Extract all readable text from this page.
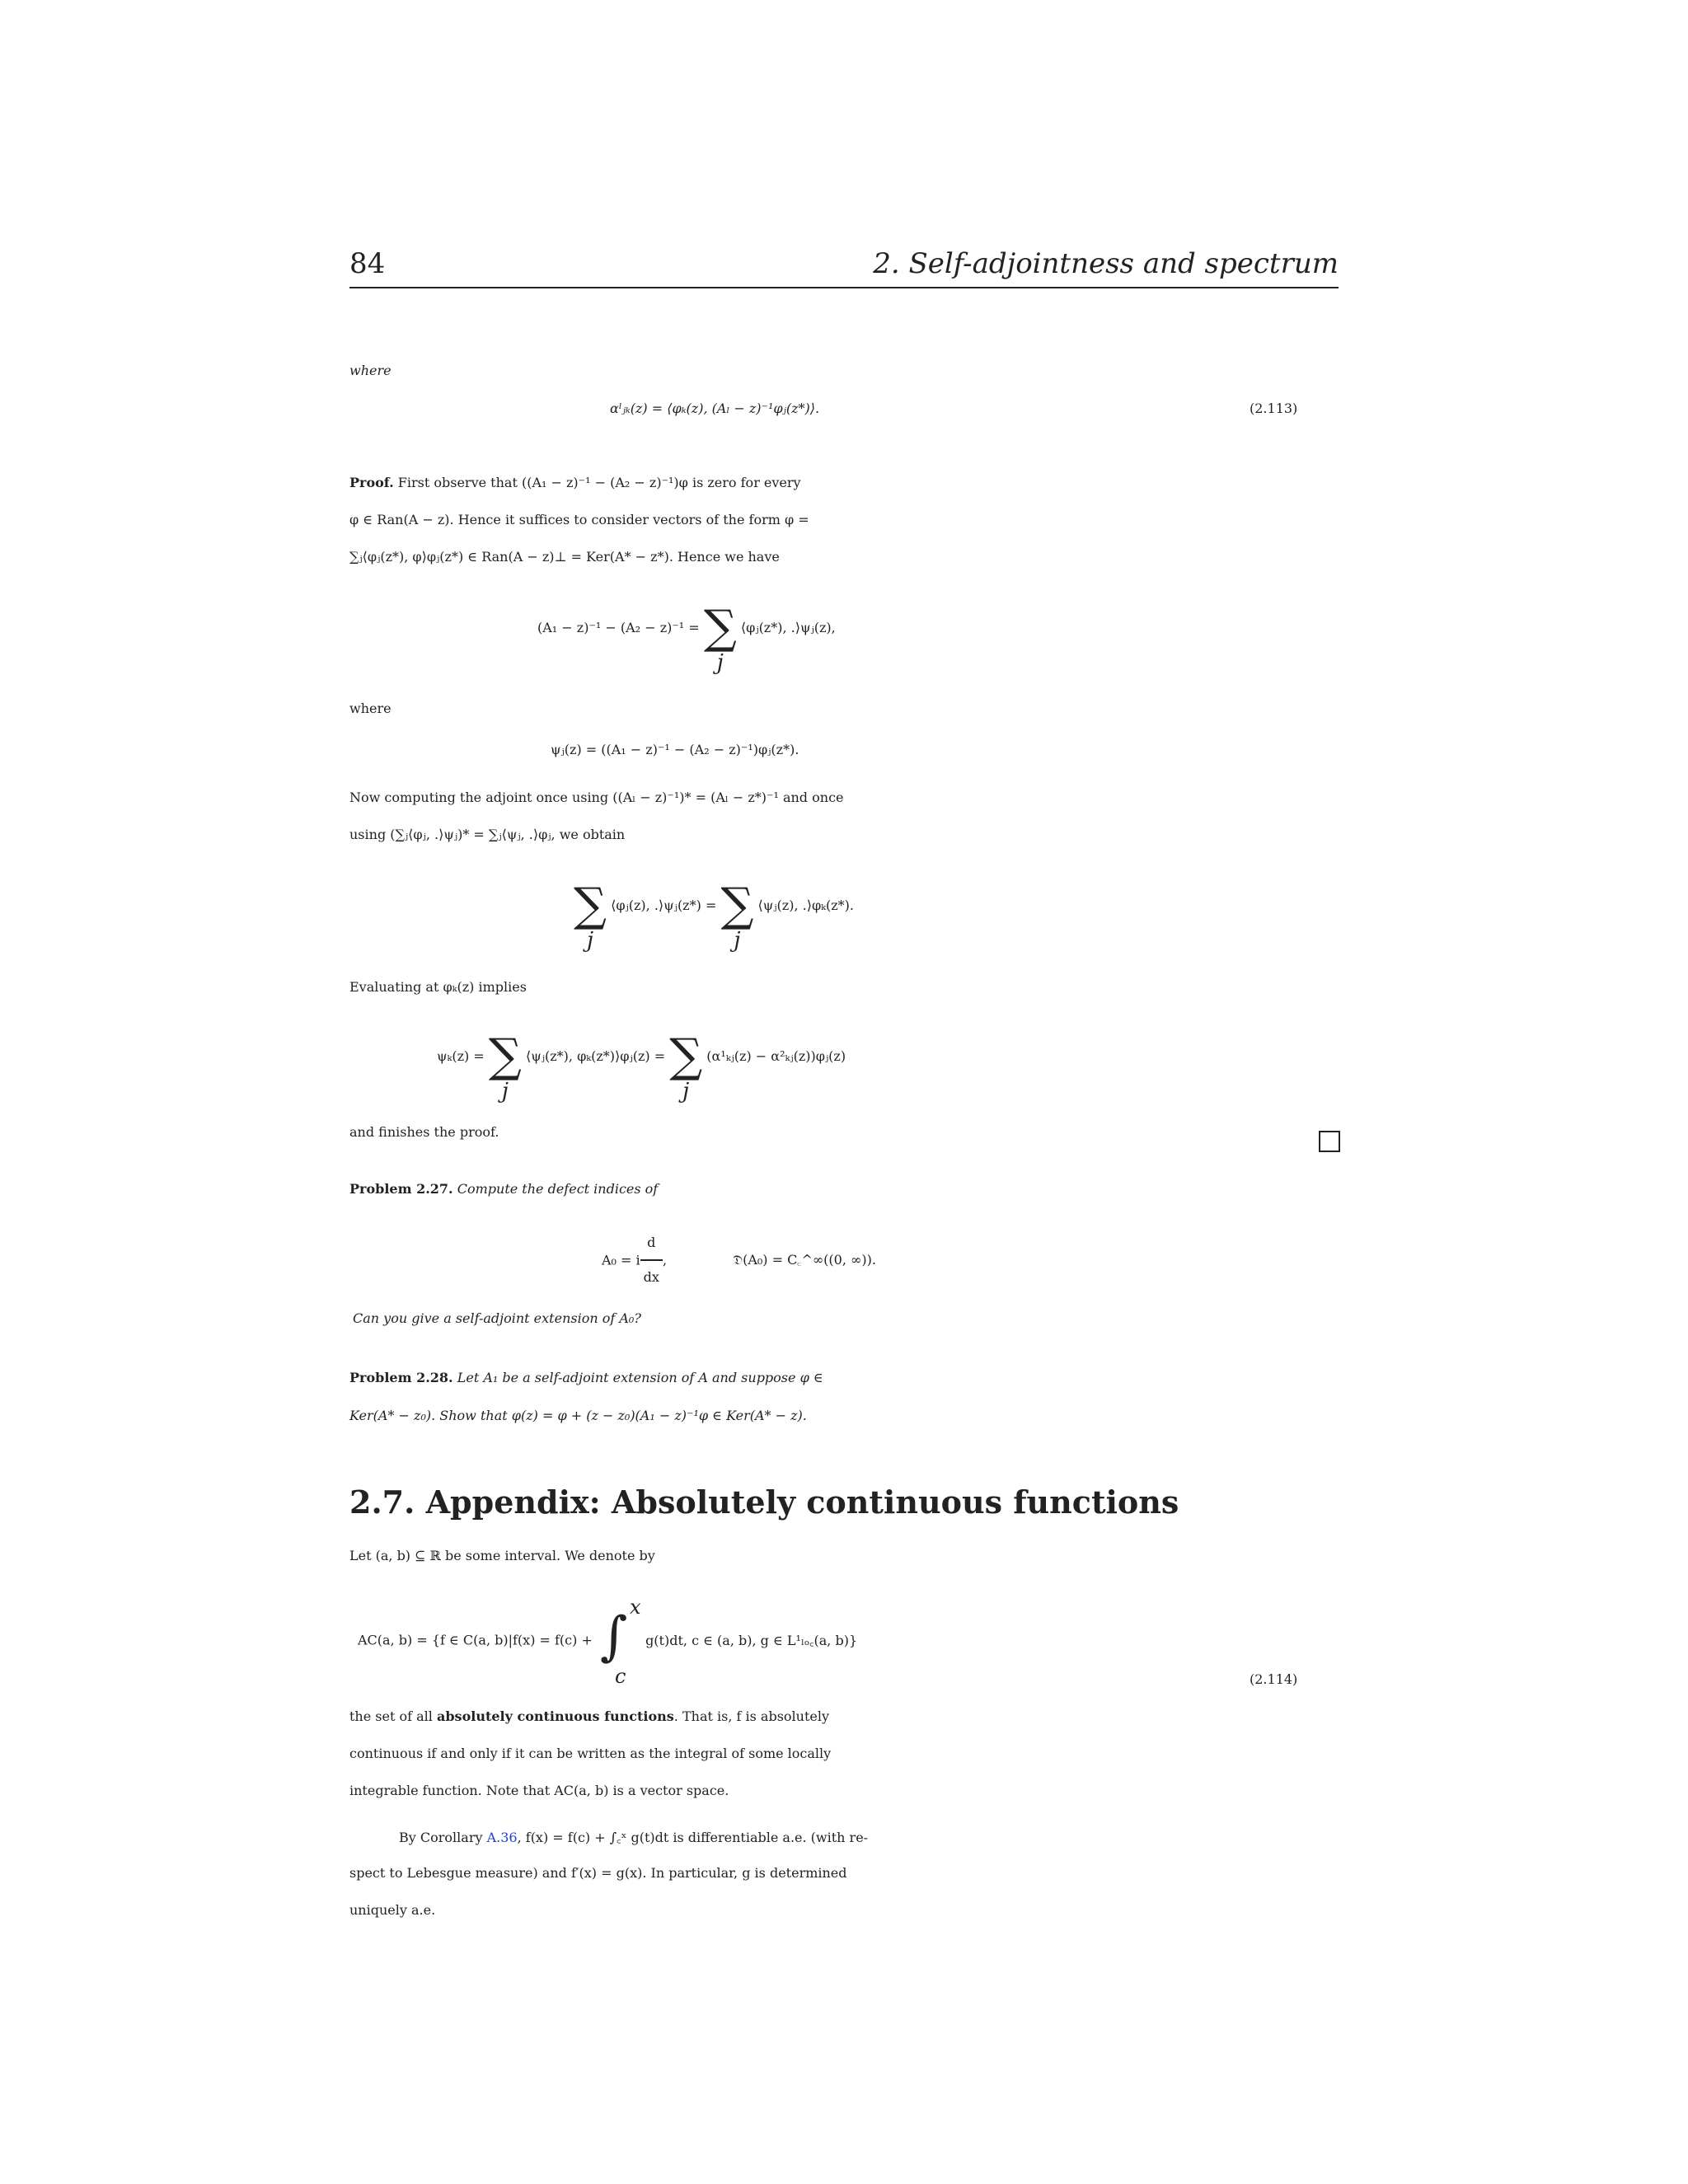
84	2. Self-adjointness and spectrum
where
αˡⱼₖ(z) = ⟨φₖ(z), (Aₗ − z)⁻¹φⱼ(z*)⟩.	(2.113)
Proof. First observe that ((A₁ − z)⁻¹ − (A₂ − z)⁻¹)φ is zero for every
φ ∈ Ran(A − z). Hence it suffices to consider vectors of the form φ =
∑ⱼ⟨φⱼ(z*), φ⟩φⱼ(z*) ∈ Ran(A − z)⊥ = Ker(A* − z*). Hence we have
(A₁ − z)⁻¹ − (A₂ − z)⁻¹ = ∑
j
⟨φⱼ(z*), .⟩ψⱼ(z),
where
ψⱼ(z) = ((A₁ − z)⁻¹ − (A₂ − z)⁻¹)φⱼ(z*).
Now computing the adjoint once using ((Aₗ − z)⁻¹)* = (Aₗ − z*)⁻¹ and once
using (∑ⱼ⟨φⱼ, .⟩ψⱼ)* = ∑ⱼ⟨ψⱼ, .⟩φⱼ, we obtain
∑
j
⟨φⱼ(z), .⟩ψⱼ(z*) = ∑
j
⟨ψⱼ(z), .⟩φₖ(z*).
Evaluating at φₖ(z) implies
ψₖ(z) = ∑
j
⟨ψⱼ(z*), φₖ(z*)⟩φⱼ(z) = ∑
j
(α¹ₖⱼ(z) − α²ₖⱼ(z))φⱼ(z)
and finishes the proof.
Problem 2.27. Compute the defect indices of
A₀ = i $\frac{d}{dx}$ ,	𝔇(A₀) = C꜀^∞((0, ∞)).
Can you give a self-adjoint extension of A₀?
Problem 2.28. Let A₁ be a self-adjoint extension of A and suppose φ ∈
Ker(A* − z₀). Show that φ(z) = φ + (z − z₀)(A₁ − z)⁻¹φ ∈ Ker(A* − z).
2.7. Appendix: Absolutely continuous functions
Let (a, b) ⊆ ℝ be some interval. We denote by
AC(a, b) = {f ∈ C(a, b)|f(x) = f(c) + ∫ x
c
g(t)dt, c ∈ (a, b), g ∈ L¹ₗₒ꜀(a, b)}
(2.114)
the set of all absolutely continuous functions. That is, f is absolutely
continuous if and only if it can be written as the integral of some locally
integrable function. Note that AC(a, b) is a vector space.
By Corollary A.36, f(x) = f(c) + ∫꜀ˣ g(t)dt is differentiable a.e. (with re-
spect to Lebesgue measure) and f′(x) = g(x). In particular, g is determined
uniquely a.e.
